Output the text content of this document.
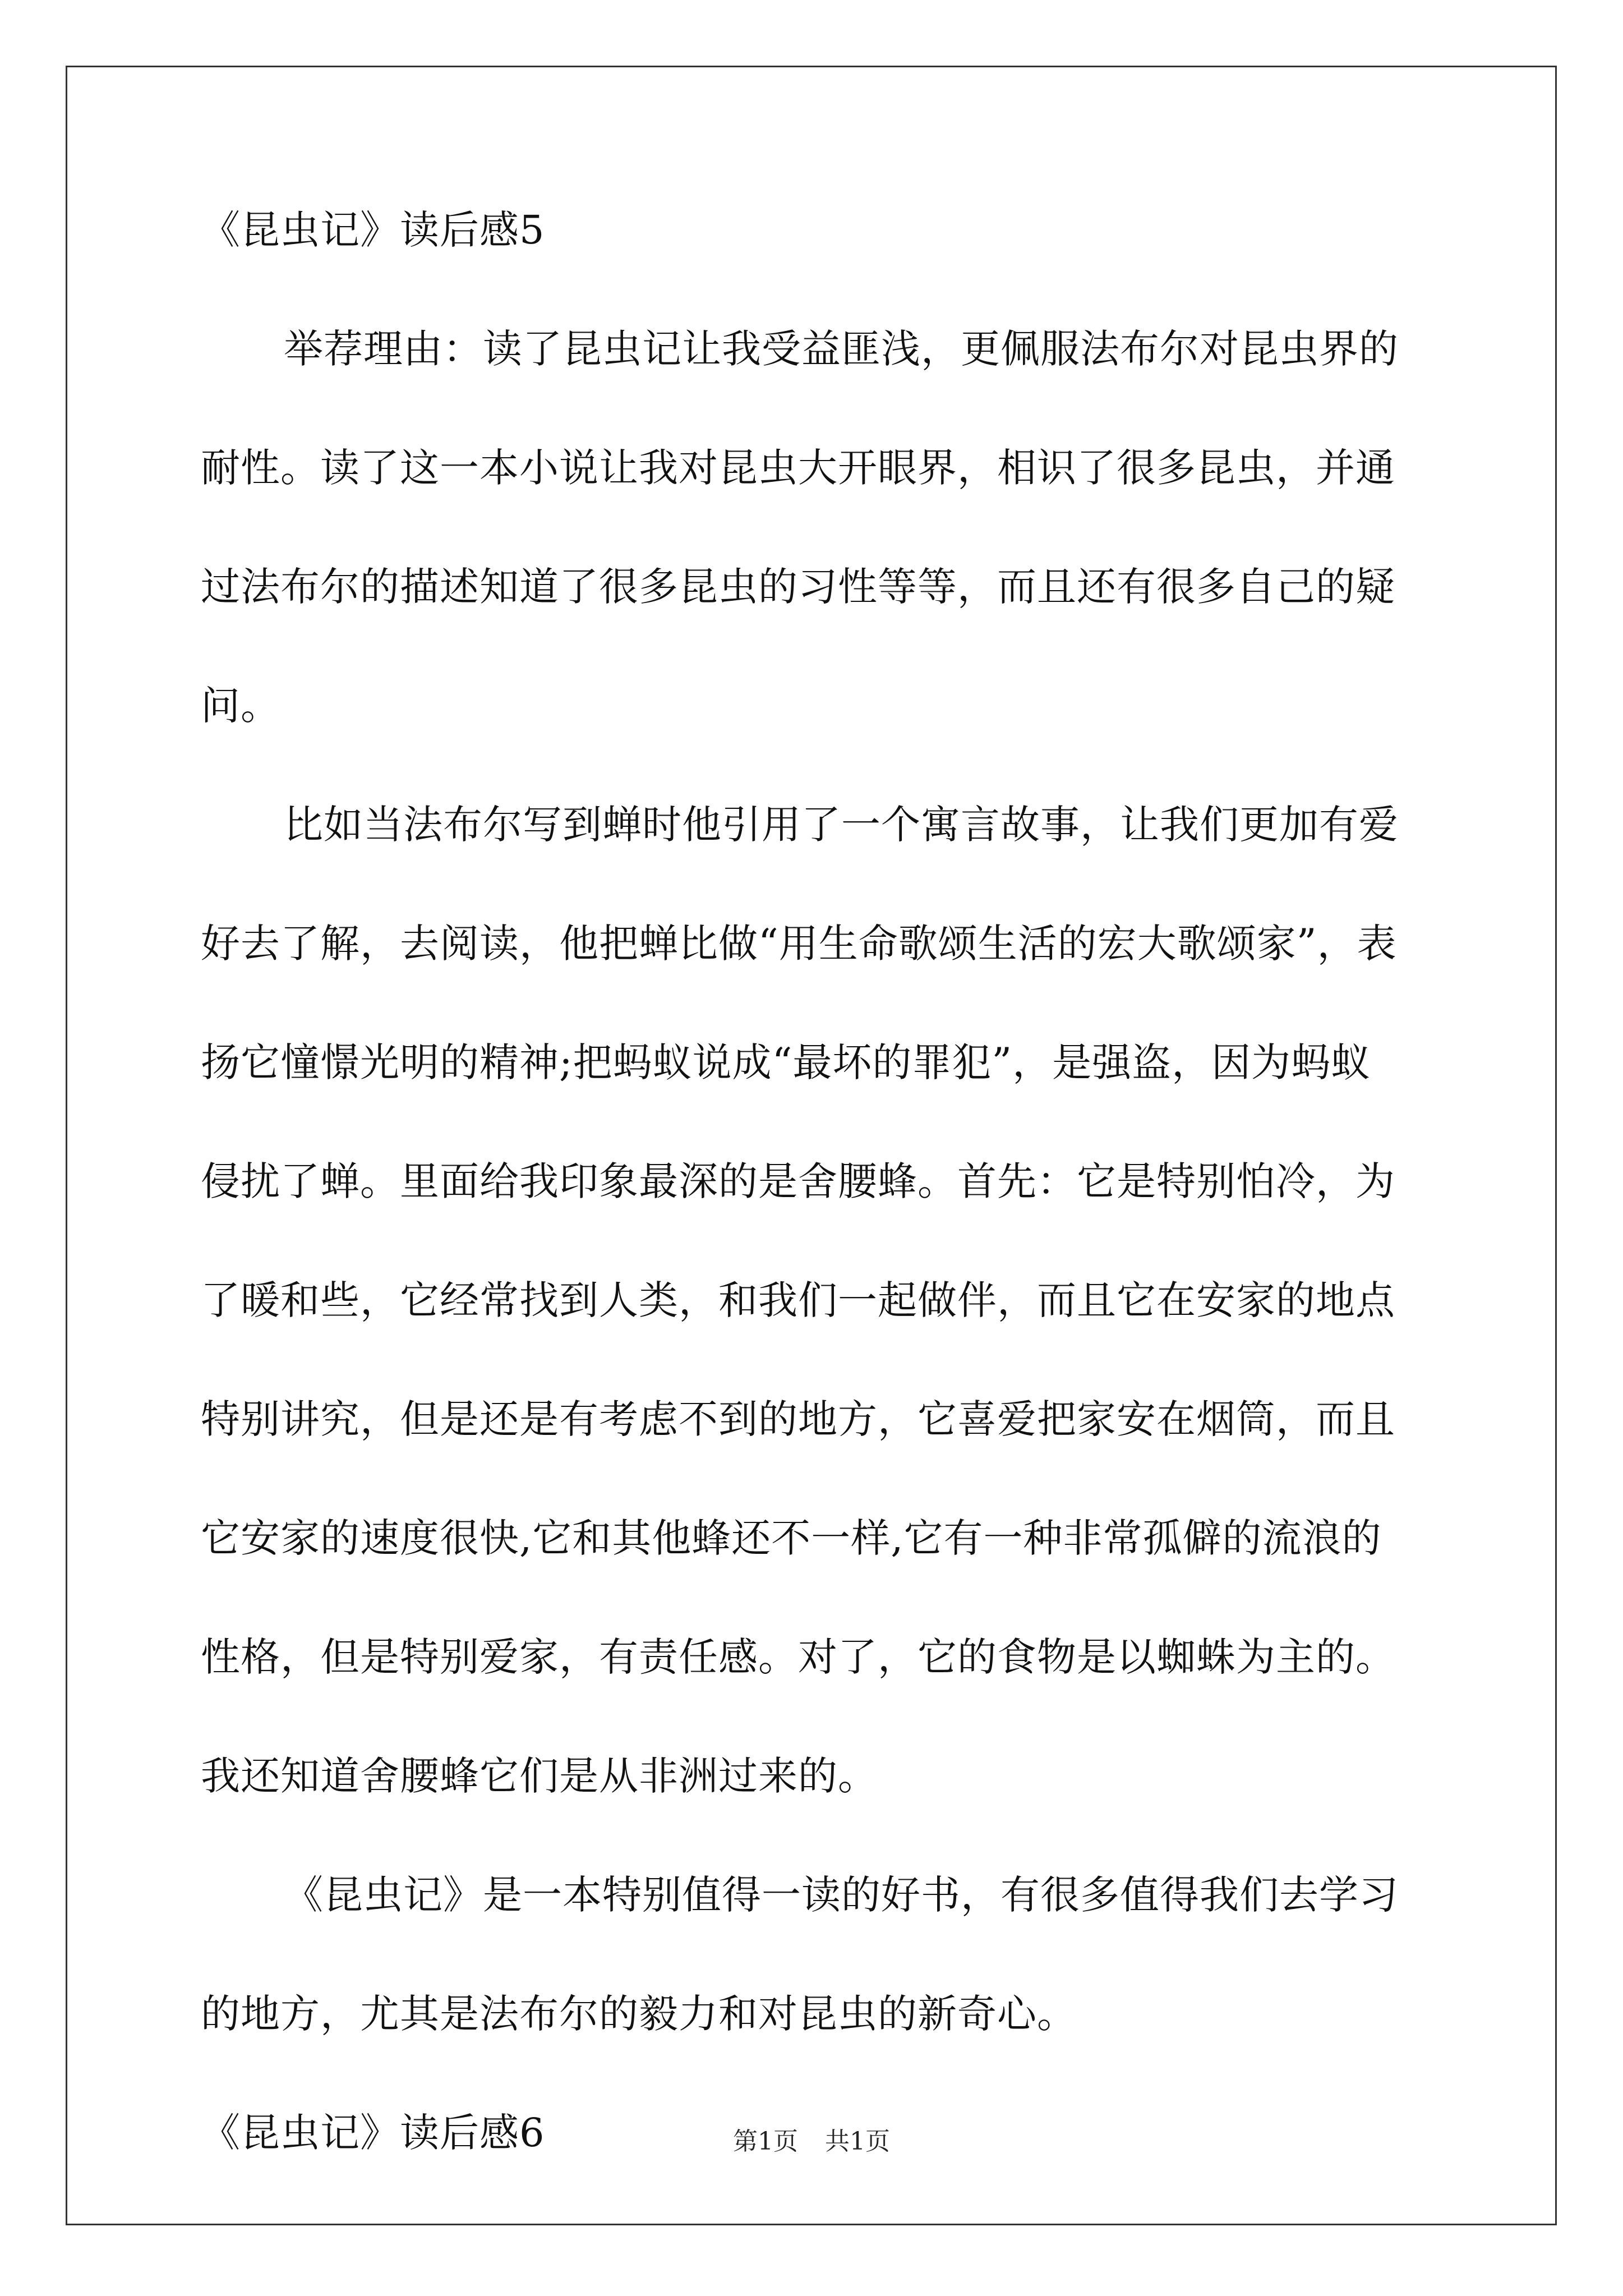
《昆虫记》读后感5
举荐理由：读了昆虫记让我受益匪浅，更佩服法布尔对昆虫界的
耐性。读了这一本小说让我对昆虫大开眼界，相识了很多昆虫，并通
过法布尔的描述知道了很多昆虫的习性等等，而且还有很多自己的疑
问。
比如当法布尔写到蝉时他引用了一个寓言故事，让我们更加有爱
好去了解，去阅读，他把蝉比做“用生命歌颂生活的宏大歌颂家”，表
扬它憧憬光明的精神;把蚂蚁说成“最坏的罪犯”，是强盗，因为蚂蚁
侵扰了蝉。里面给我印象最深的是舍腰蜂。首先：它是特别怕冷，为
了暖和些，它经常找到人类，和我们一起做伴，而且它在安家的地点
特别讲究，但是还是有考虑不到的地方，它喜爱把家安在烟筒，而且
它安家的速度很快,它和其他蜂还不一样,它有一种非常孤僻的流浪的
性格，但是特别爱家，有责任感。对了，它的食物是以蜘蛛为主的。
我还知道舍腰蜂它们是从非洲过来的。
《昆虫记》是一本特别值得一读的好书，有很多值得我们去学习
的地方，尤其是法布尔的毅力和对昆虫的新奇心。
《昆虫记》读后感6	第1页 共1页
